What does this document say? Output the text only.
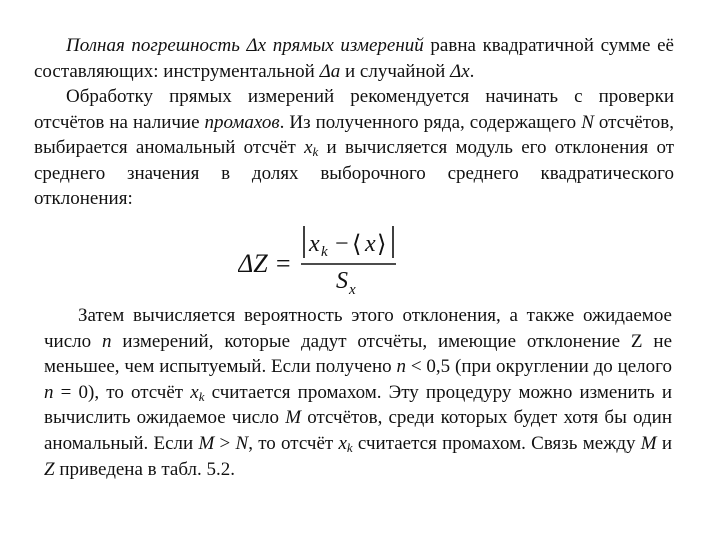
Полная погрешность Δx прямых измерений равна квадратичной сумме её составляющих: инструментальной Δa и случайной Δx.

Обработку прямых измерений рекомендуется начинать с проверки отсчётов на наличие промахов. Из полученного ряда, содержащего N отсчётов, выбирается аномальный отсчёт $x_k$ и вычисляется модуль его отклонения от среднего значения в долях выборочного среднего квадратического отклонения:

ΔZ =
x k − ⟨ x ⟩
S x

Затем вычисляется вероятность этого отклонения, а также ожидаемое число n измерений, которые дадут отсчёты, имеющие отклонение Z не меньшее, чем испытуемый. Если получено n < 0,5 (при округлении до целого n = 0), то отсчёт $x_k$ считается промахом. Эту процедуру можно изменить и вычислить ожидаемое число M отсчётов, среди которых будет хотя бы один аномальный. Если M > N, то отсчёт $x_k$ считается промахом. Связь между M и Z приведена в табл. 5.2.
